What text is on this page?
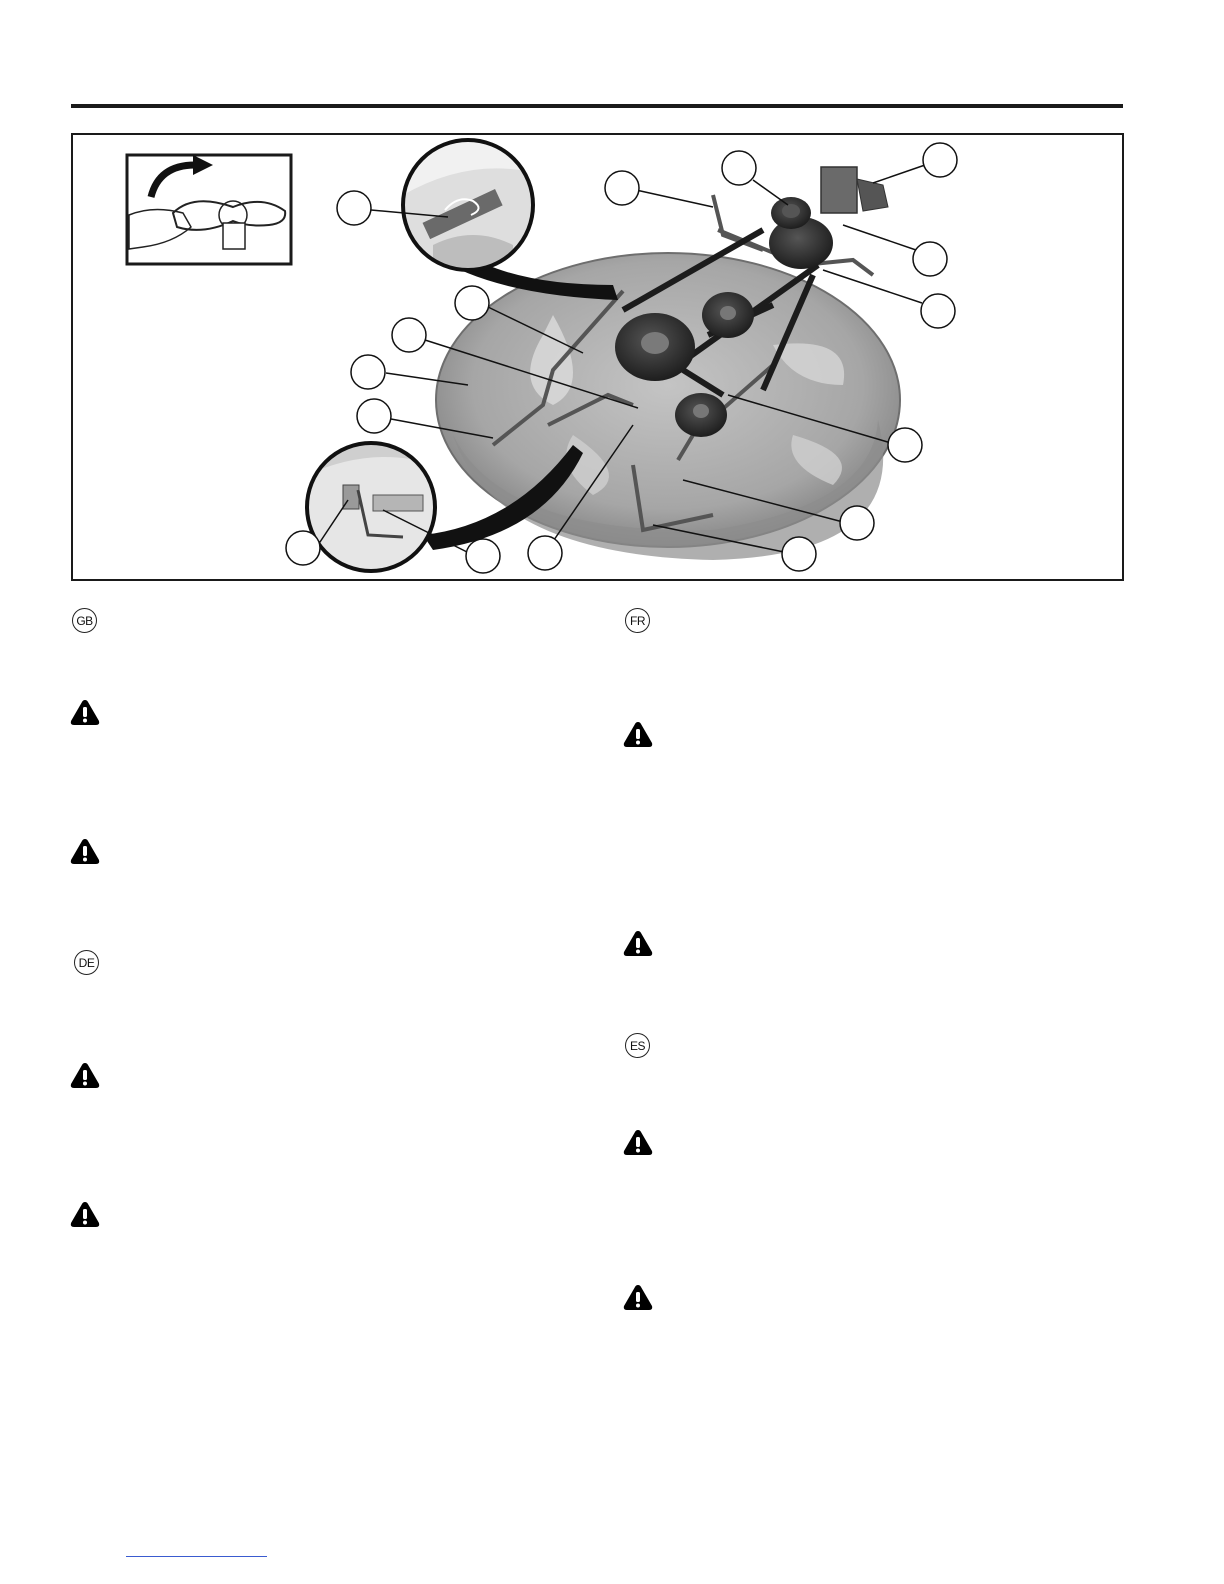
GB	FR
DE
ES
